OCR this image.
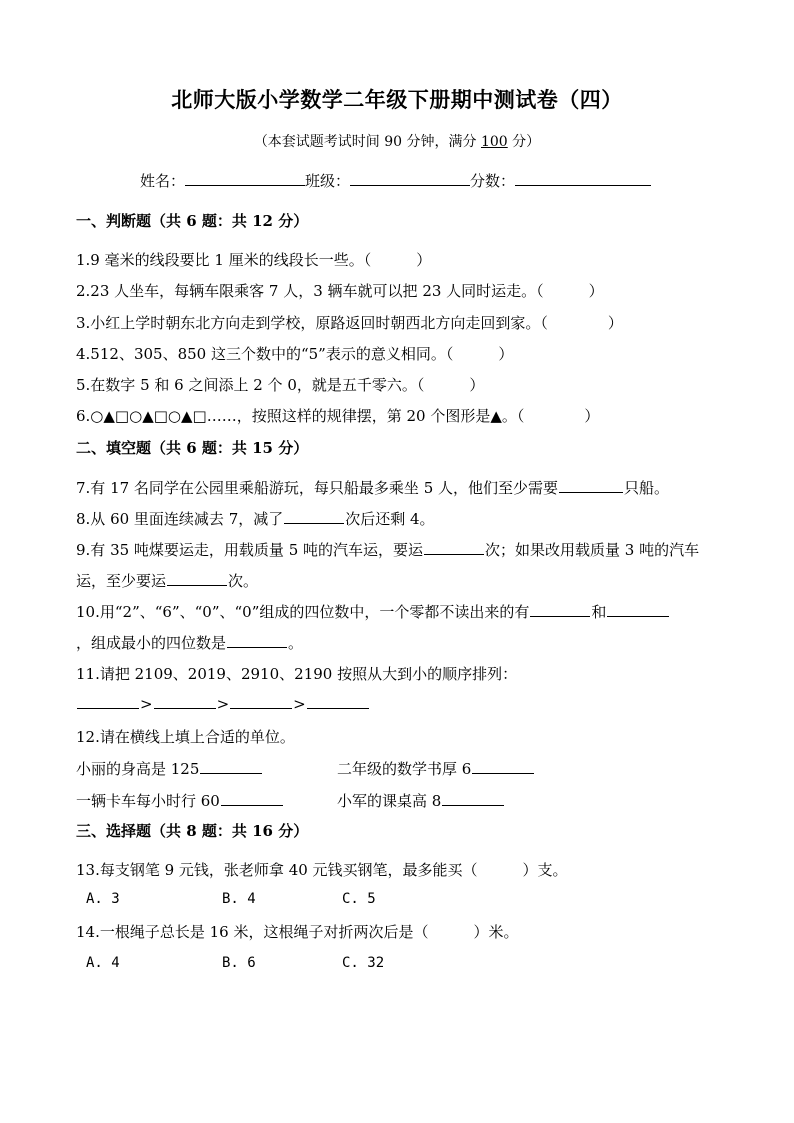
北师大版小学数学二年级下册期中测试卷（四）
（本套试题考试时间 90 分钟，满分 100 分）
姓名：	班级：	分数：
一、判断题（共 6 题：共 12 分）
1.9 毫米的线段要比 1 厘米的线段长一些。（　　　）
2.23 人坐车，每辆车限乘客 7 人，3 辆车就可以把 23 人同时运走。（　　　）
3.小红上学时朝东北方向走到学校，原路返回时朝西北方向走回到家。（　　　　）
4.512、305、850 这三个数中的“5”表示的意义相同。（　　　）
5.在数字 5 和 6 之间添上 2 个 0，就是五千零六。（　　　）
6.○▲□○▲□○▲□……，按照这样的规律摆，第 20 个图形是▲。（　　　　）
二、填空题（共 6 题：共 15 分）
7.有 17 名同学在公园里乘船游玩，每只船最多乘坐 5 人，他们至少需要	只船。
8.从 60 里面连续减去 7，减了	次后还剩 4。
9.有 35 吨煤要运走，用载质量 5 吨的汽车运，要运	次；如果改用载质量 3 吨的汽车
运，至少要运	次。
10.用“2”、“6”、“0”、“0”组成的四位数中，一个零都不读出来的有	和
，组成最小的四位数是	。
11.请把 2109、2019、2910、2190 按照从大到小的顺序排列：
>	>	>
12.请在横线上填上合适的单位。
小丽的身高是 125	二年级的数学书厚 6
一辆卡车每小时行 60	小军的课桌高 8
三、选择题（共 8 题：共 16 分）
13.每支钢笔 9 元钱，张老师拿 40 元钱买钢笔，最多能买（　　　）支。
A. 3	B. 4	C. 5
14.一根绳子总长是 16 米，这根绳子对折两次后是（　　　）米。
A. 4	B. 6	C. 32
